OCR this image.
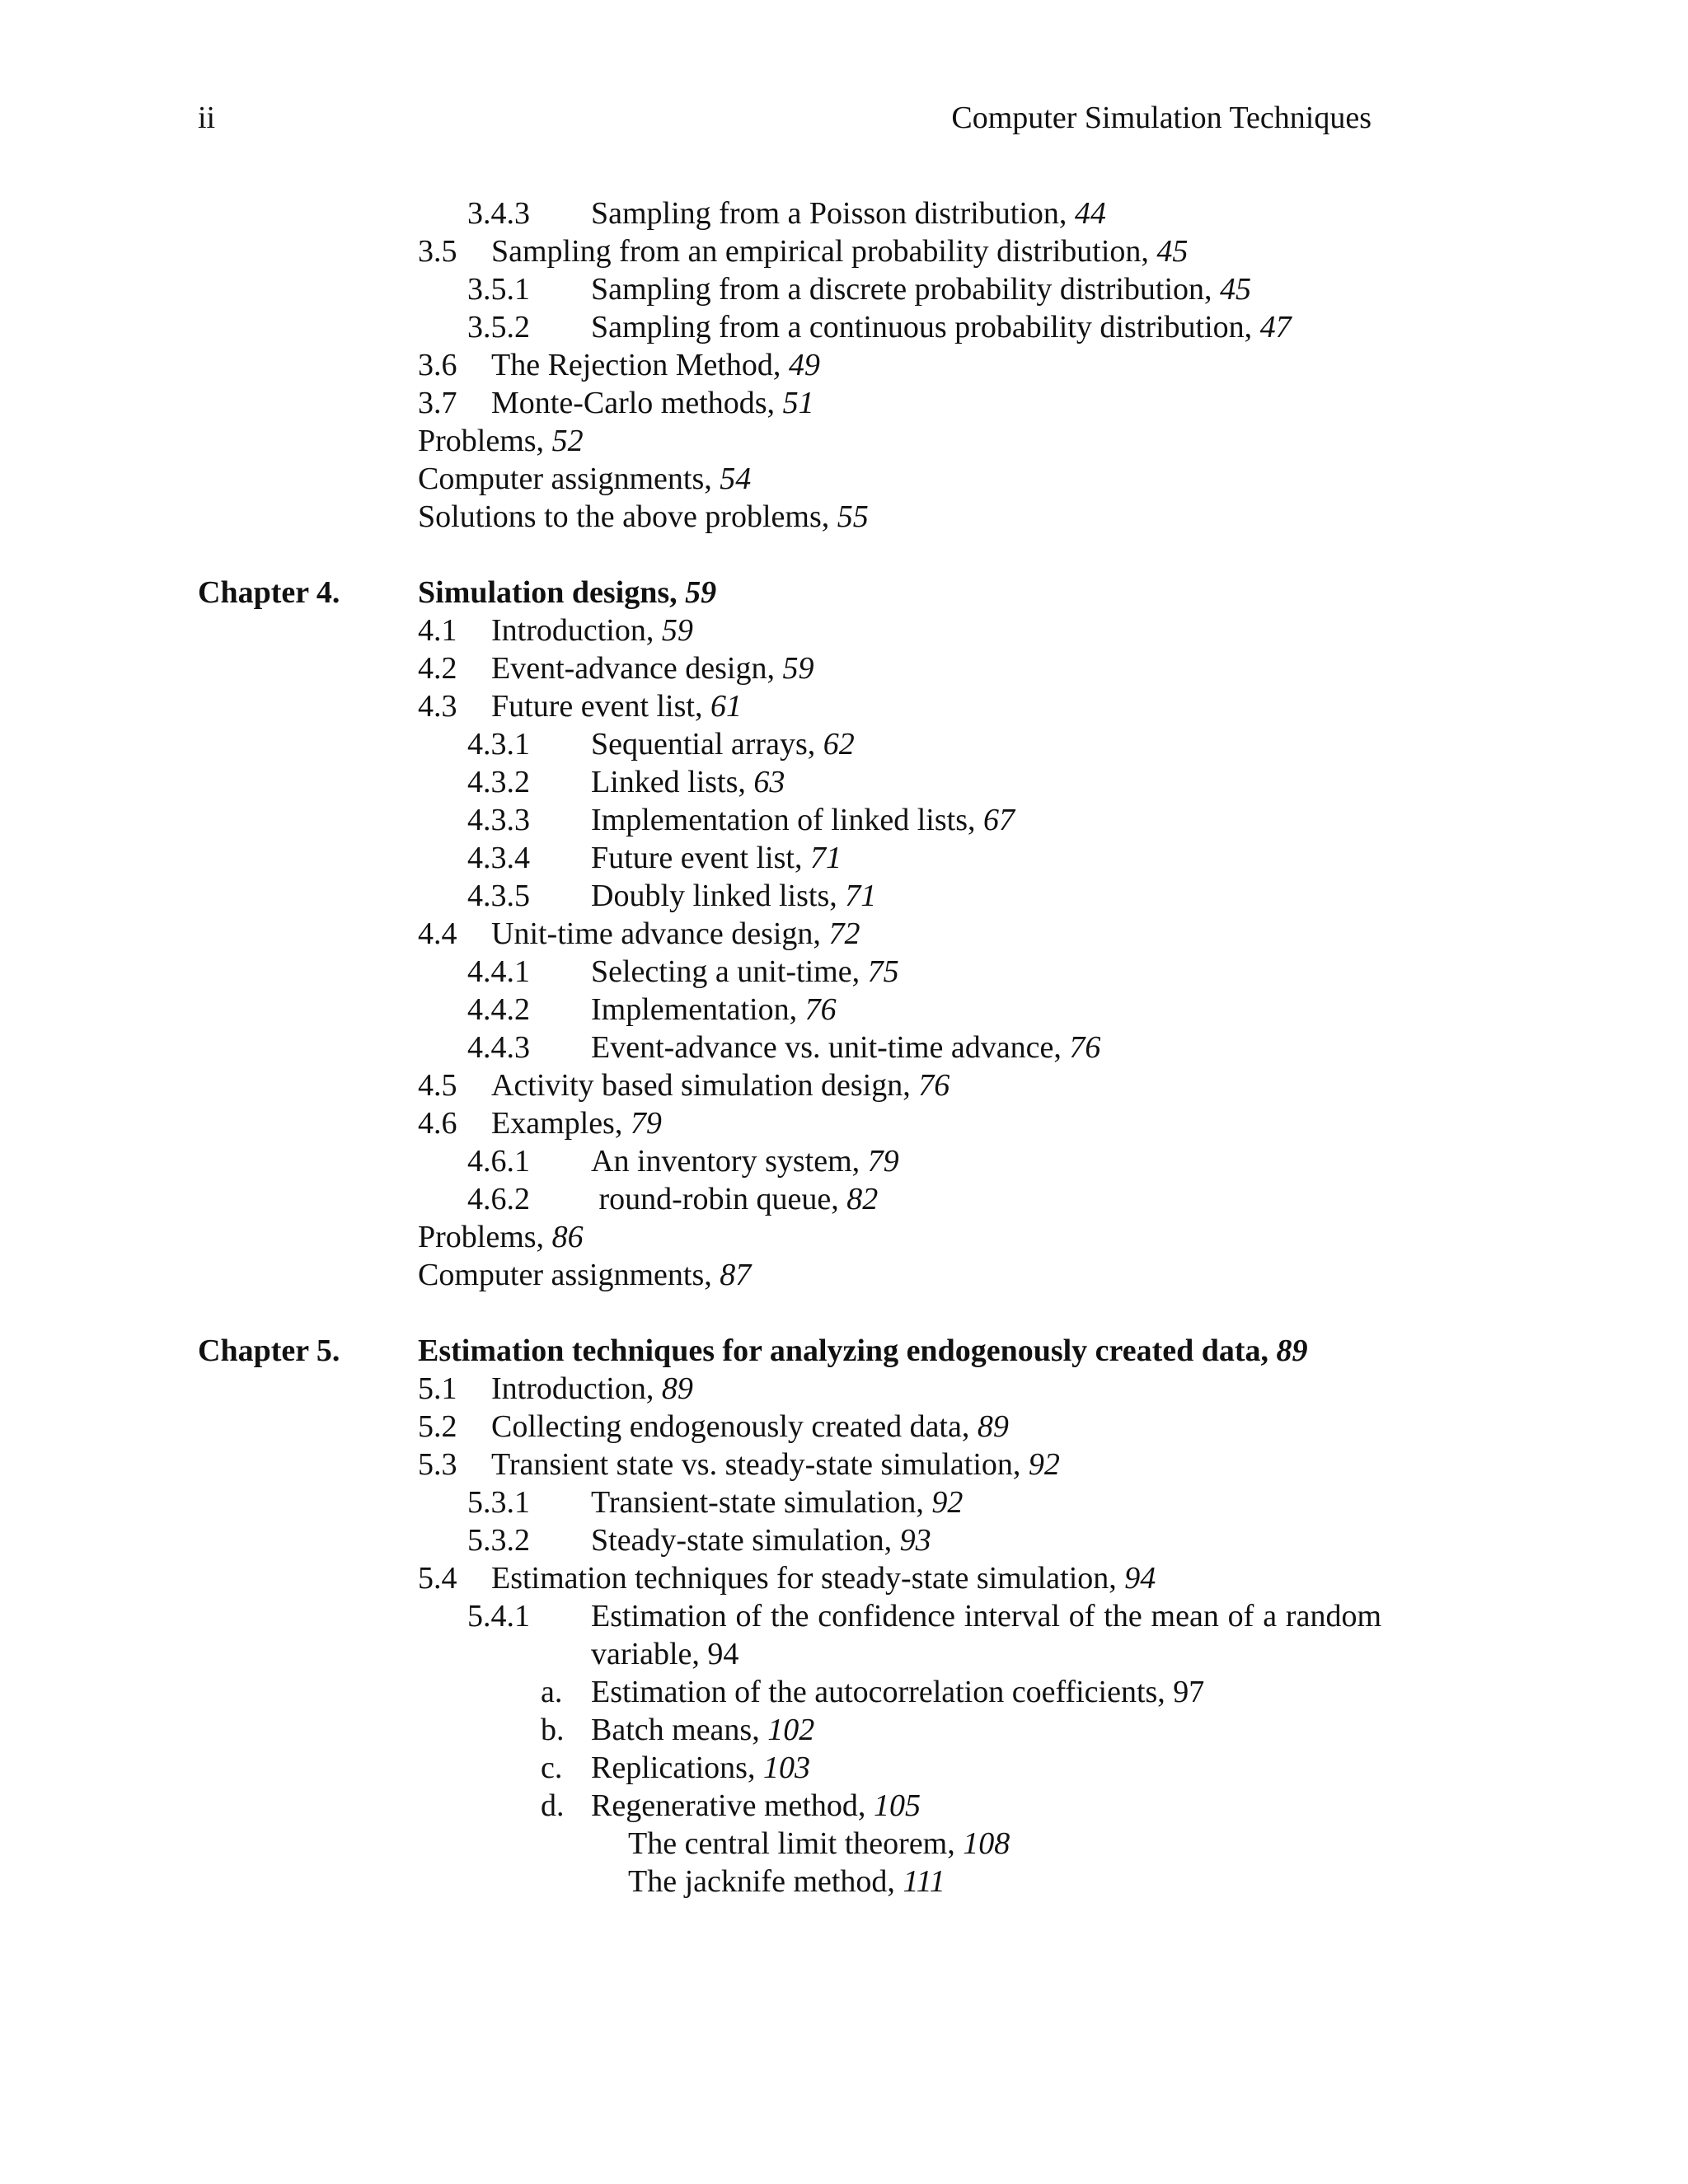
ii	Computer Simulation Techniques
3.4.3 Sampling from a Poisson distribution, 44
3.5 Sampling from an empirical probability distribution, 45
3.5.1 Sampling from a discrete probability distribution, 45
3.5.2 Sampling from a continuous probability distribution, 47
3.6 The Rejection Method, 49
3.7 Monte-Carlo methods, 51
Problems, 52
Computer assignments, 54
Solutions to the above problems, 55
Chapter 4. Simulation designs, 59
4.1 Introduction, 59
4.2 Event-advance design, 59
4.3 Future event list, 61
4.3.1 Sequential arrays, 62
4.3.2 Linked lists, 63
4.3.3 Implementation of linked lists, 67
4.3.4 Future event list, 71
4.3.5 Doubly linked lists, 71
4.4 Unit-time advance design, 72
4.4.1 Selecting a unit-time, 75
4.4.2 Implementation, 76
4.4.3 Event-advance vs. unit-time advance, 76
4.5 Activity based simulation design, 76
4.6 Examples, 79
4.6.1 An inventory system, 79
4.6.2 round-robin queue, 82
Problems, 86
Computer assignments, 87
Chapter 5. Estimation techniques for analyzing endogenously created data, 89
5.1 Introduction, 89
5.2 Collecting endogenously created data, 89
5.3 Transient state vs. steady-state simulation, 92
5.3.1 Transient-state simulation, 92
5.3.2 Steady-state simulation, 93
5.4 Estimation techniques for steady-state simulation, 94
5.4.1 Estimation of the confidence interval of the mean of a random variable, 94
a. Estimation of the autocorrelation coefficients, 97
b. Batch means, 102
c. Replications, 103
d. Regenerative method, 105
The central limit theorem, 108
The jacknife method, 111
